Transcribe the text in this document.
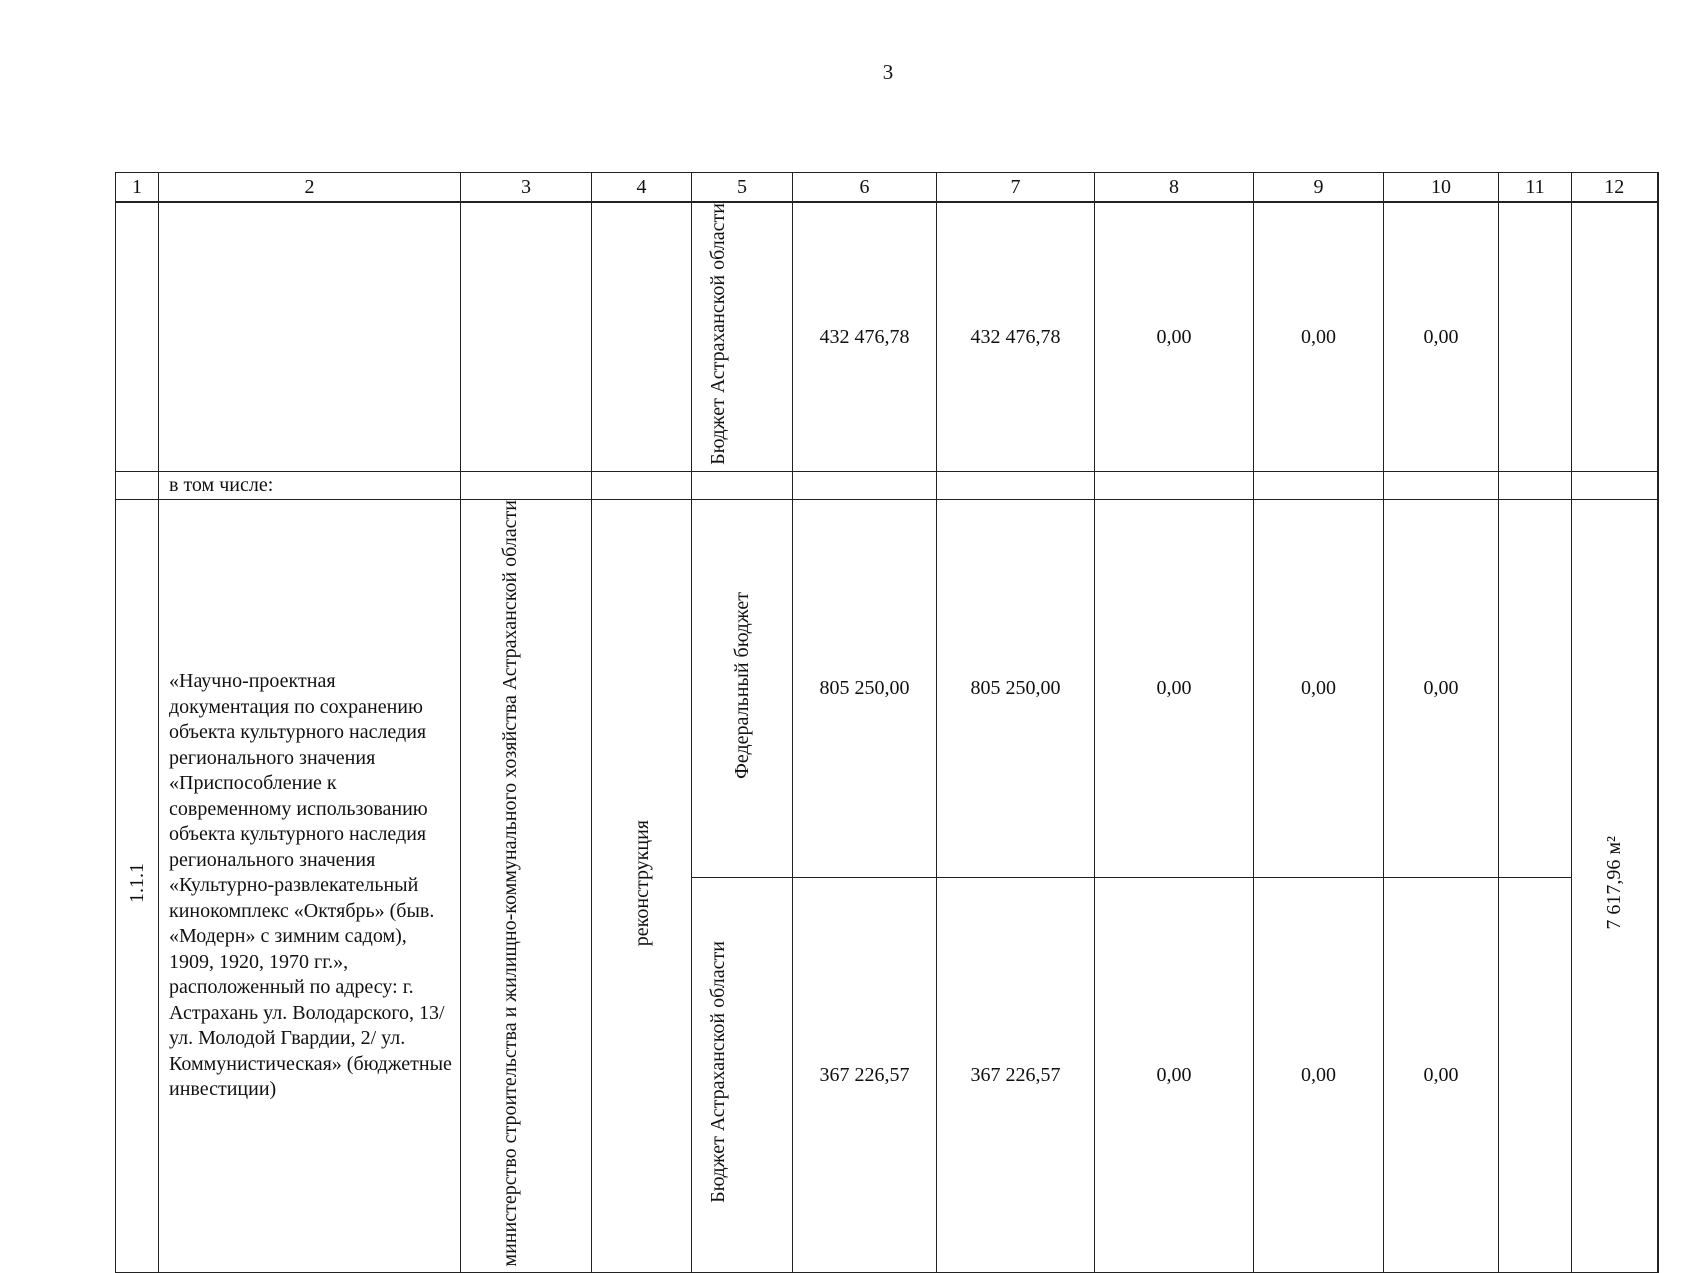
3
1	2	3	4	5	6	7	8	9	10	11	12
				Бюджет Астраханской области	432 476,78	432 476,78	0,00	0,00	0,00		
	в том числе:										
1.1.1	«Научно-проектная документация по сохранению объекта культурного наследия регионального значения «Приспособление к современному использованию объекта культурного наследия регионального значения «Культурно-развлекательный кинокомплекс «Октябрь» (быв. «Модерн» с зимним садом), 1909, 1920, 1970 гг.», расположенный по адресу: г. Астрахань ул. Володарского, 13/ ул. Молодой Гвардии, 2/ ул. Коммунистическая» (бюджетные инвестиции)	министерство строительства и жилищно-коммунального хозяйства Астраханской области	реконструкция	Федеральный бюджет	805 250,00	805 250,00	0,00	0,00	0,00		7 617,96 м²
				Бюджет Астраханской области	367 226,57	367 226,57	0,00	0,00	0,00		
